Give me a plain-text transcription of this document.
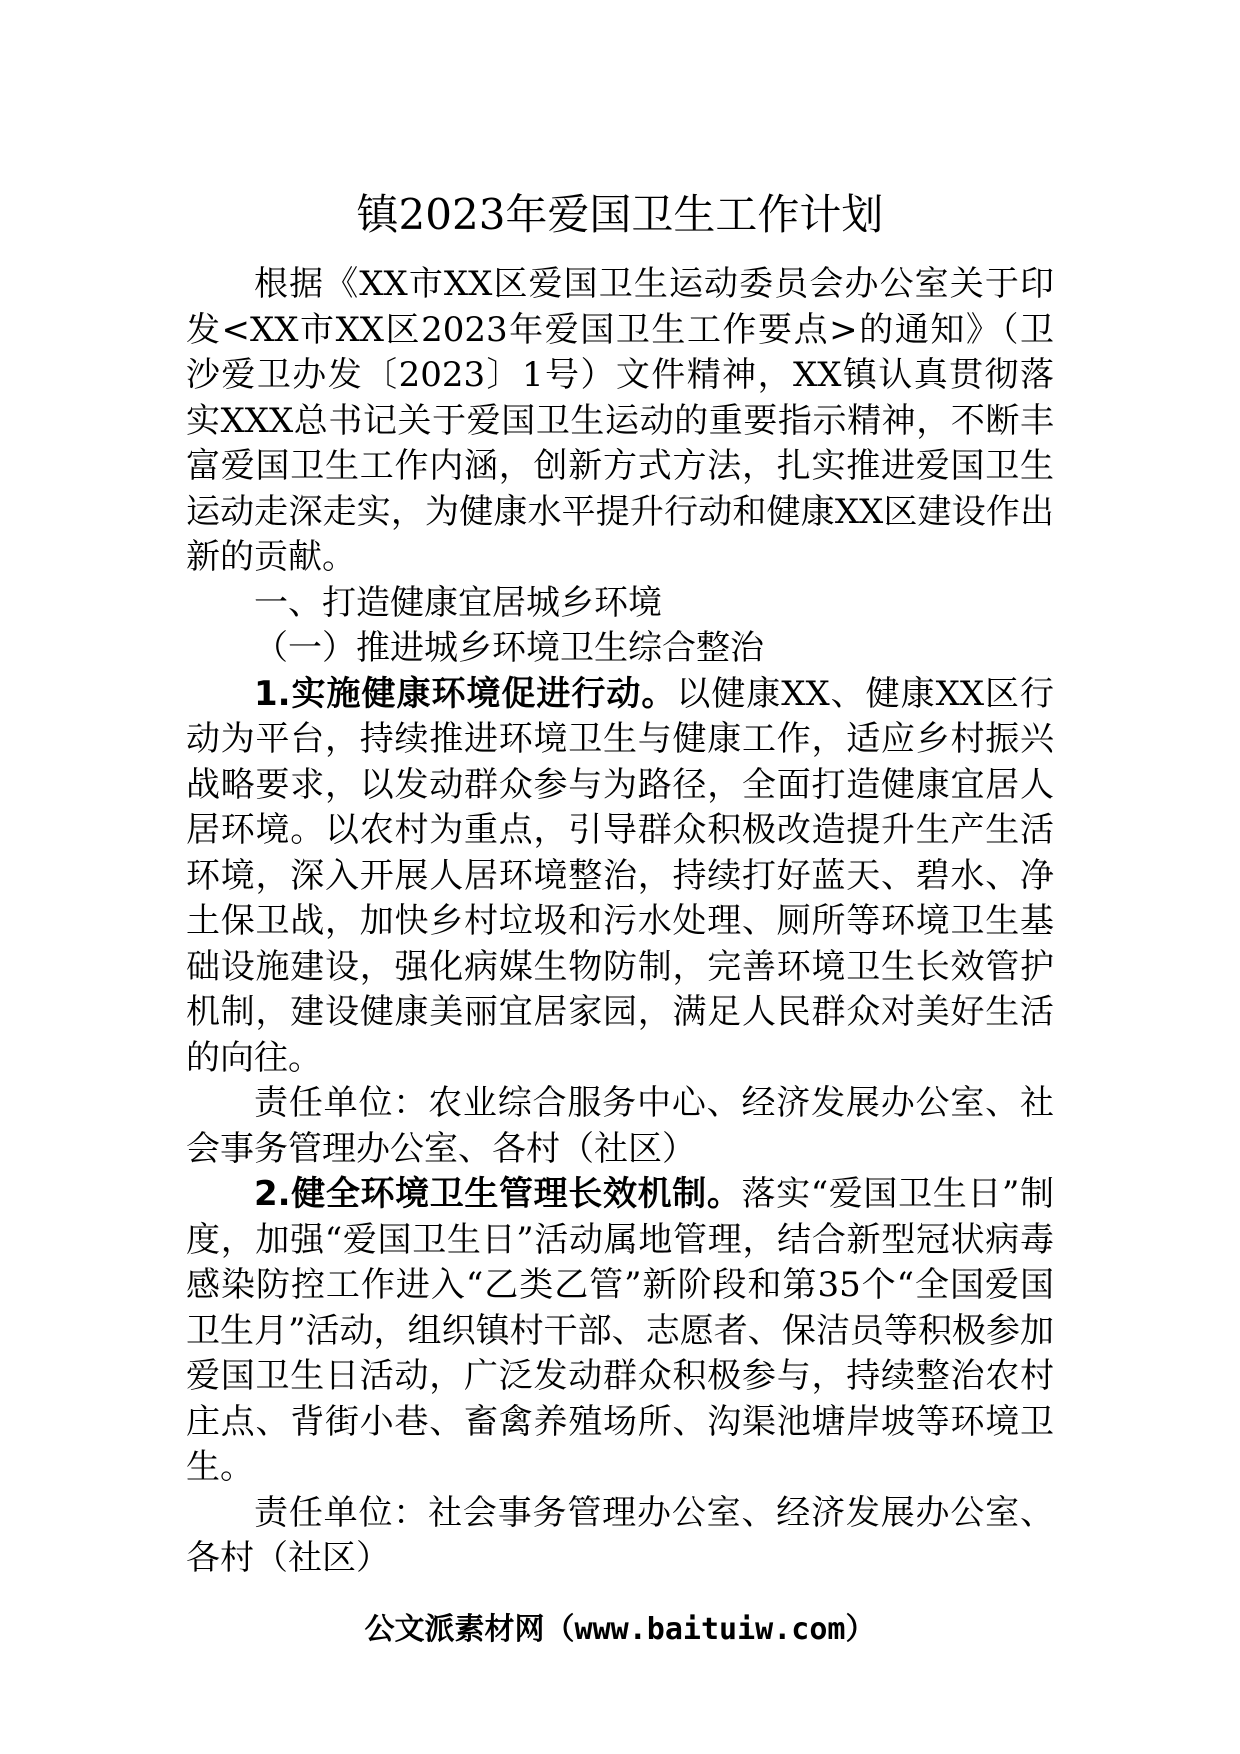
镇2023年爱国卫生工作计划

根据《XX市XX区爱国卫生运动委员会办公室关于印发<XX市XX区2023年爱国卫生工作要点>的通知》（卫沙爱卫办发〔2023〕1号）文件精神，XX镇认真贯彻落实XXX总书记关于爱国卫生运动的重要指示精神，不断丰富爱国卫生工作内涵，创新方式方法，扎实推进爱国卫生运动走深走实，为健康水平提升行动和健康XX区建设作出新的贡献。

一、打造健康宜居城乡环境

（一）推进城乡环境卫生综合整治

1.实施健康环境促进行动。以健康XX、健康XX区行动为平台，持续推进环境卫生与健康工作，适应乡村振兴战略要求，以发动群众参与为路径，全面打造健康宜居人居环境。以农村为重点，引导群众积极改造提升生产生活环境，深入开展人居环境整治，持续打好蓝天、碧水、净土保卫战，加快乡村垃圾和污水处理、厕所等环境卫生基础设施建设，强化病媒生物防制，完善环境卫生长效管护机制，建设健康美丽宜居家园，满足人民群众对美好生活的向往。

责任单位：农业综合服务中心、经济发展办公室、社会事务管理办公室、各村（社区）

2.健全环境卫生管理长效机制。落实“爱国卫生日”制度，加强“爱国卫生日”活动属地管理，结合新型冠状病毒感染防控工作进入“乙类乙管”新阶段和第35个“全国爱国卫生月”活动，组织镇村干部、志愿者、保洁员等积极参加爱国卫生日活动，广泛发动群众积极参与，持续整治农村庄点、背街小巷、畜禽养殖场所、沟渠池塘岸坡等环境卫生。

责任单位：社会事务管理办公室、经济发展办公室、各村（社区）

公文派素材网（www.baituiw.com）
